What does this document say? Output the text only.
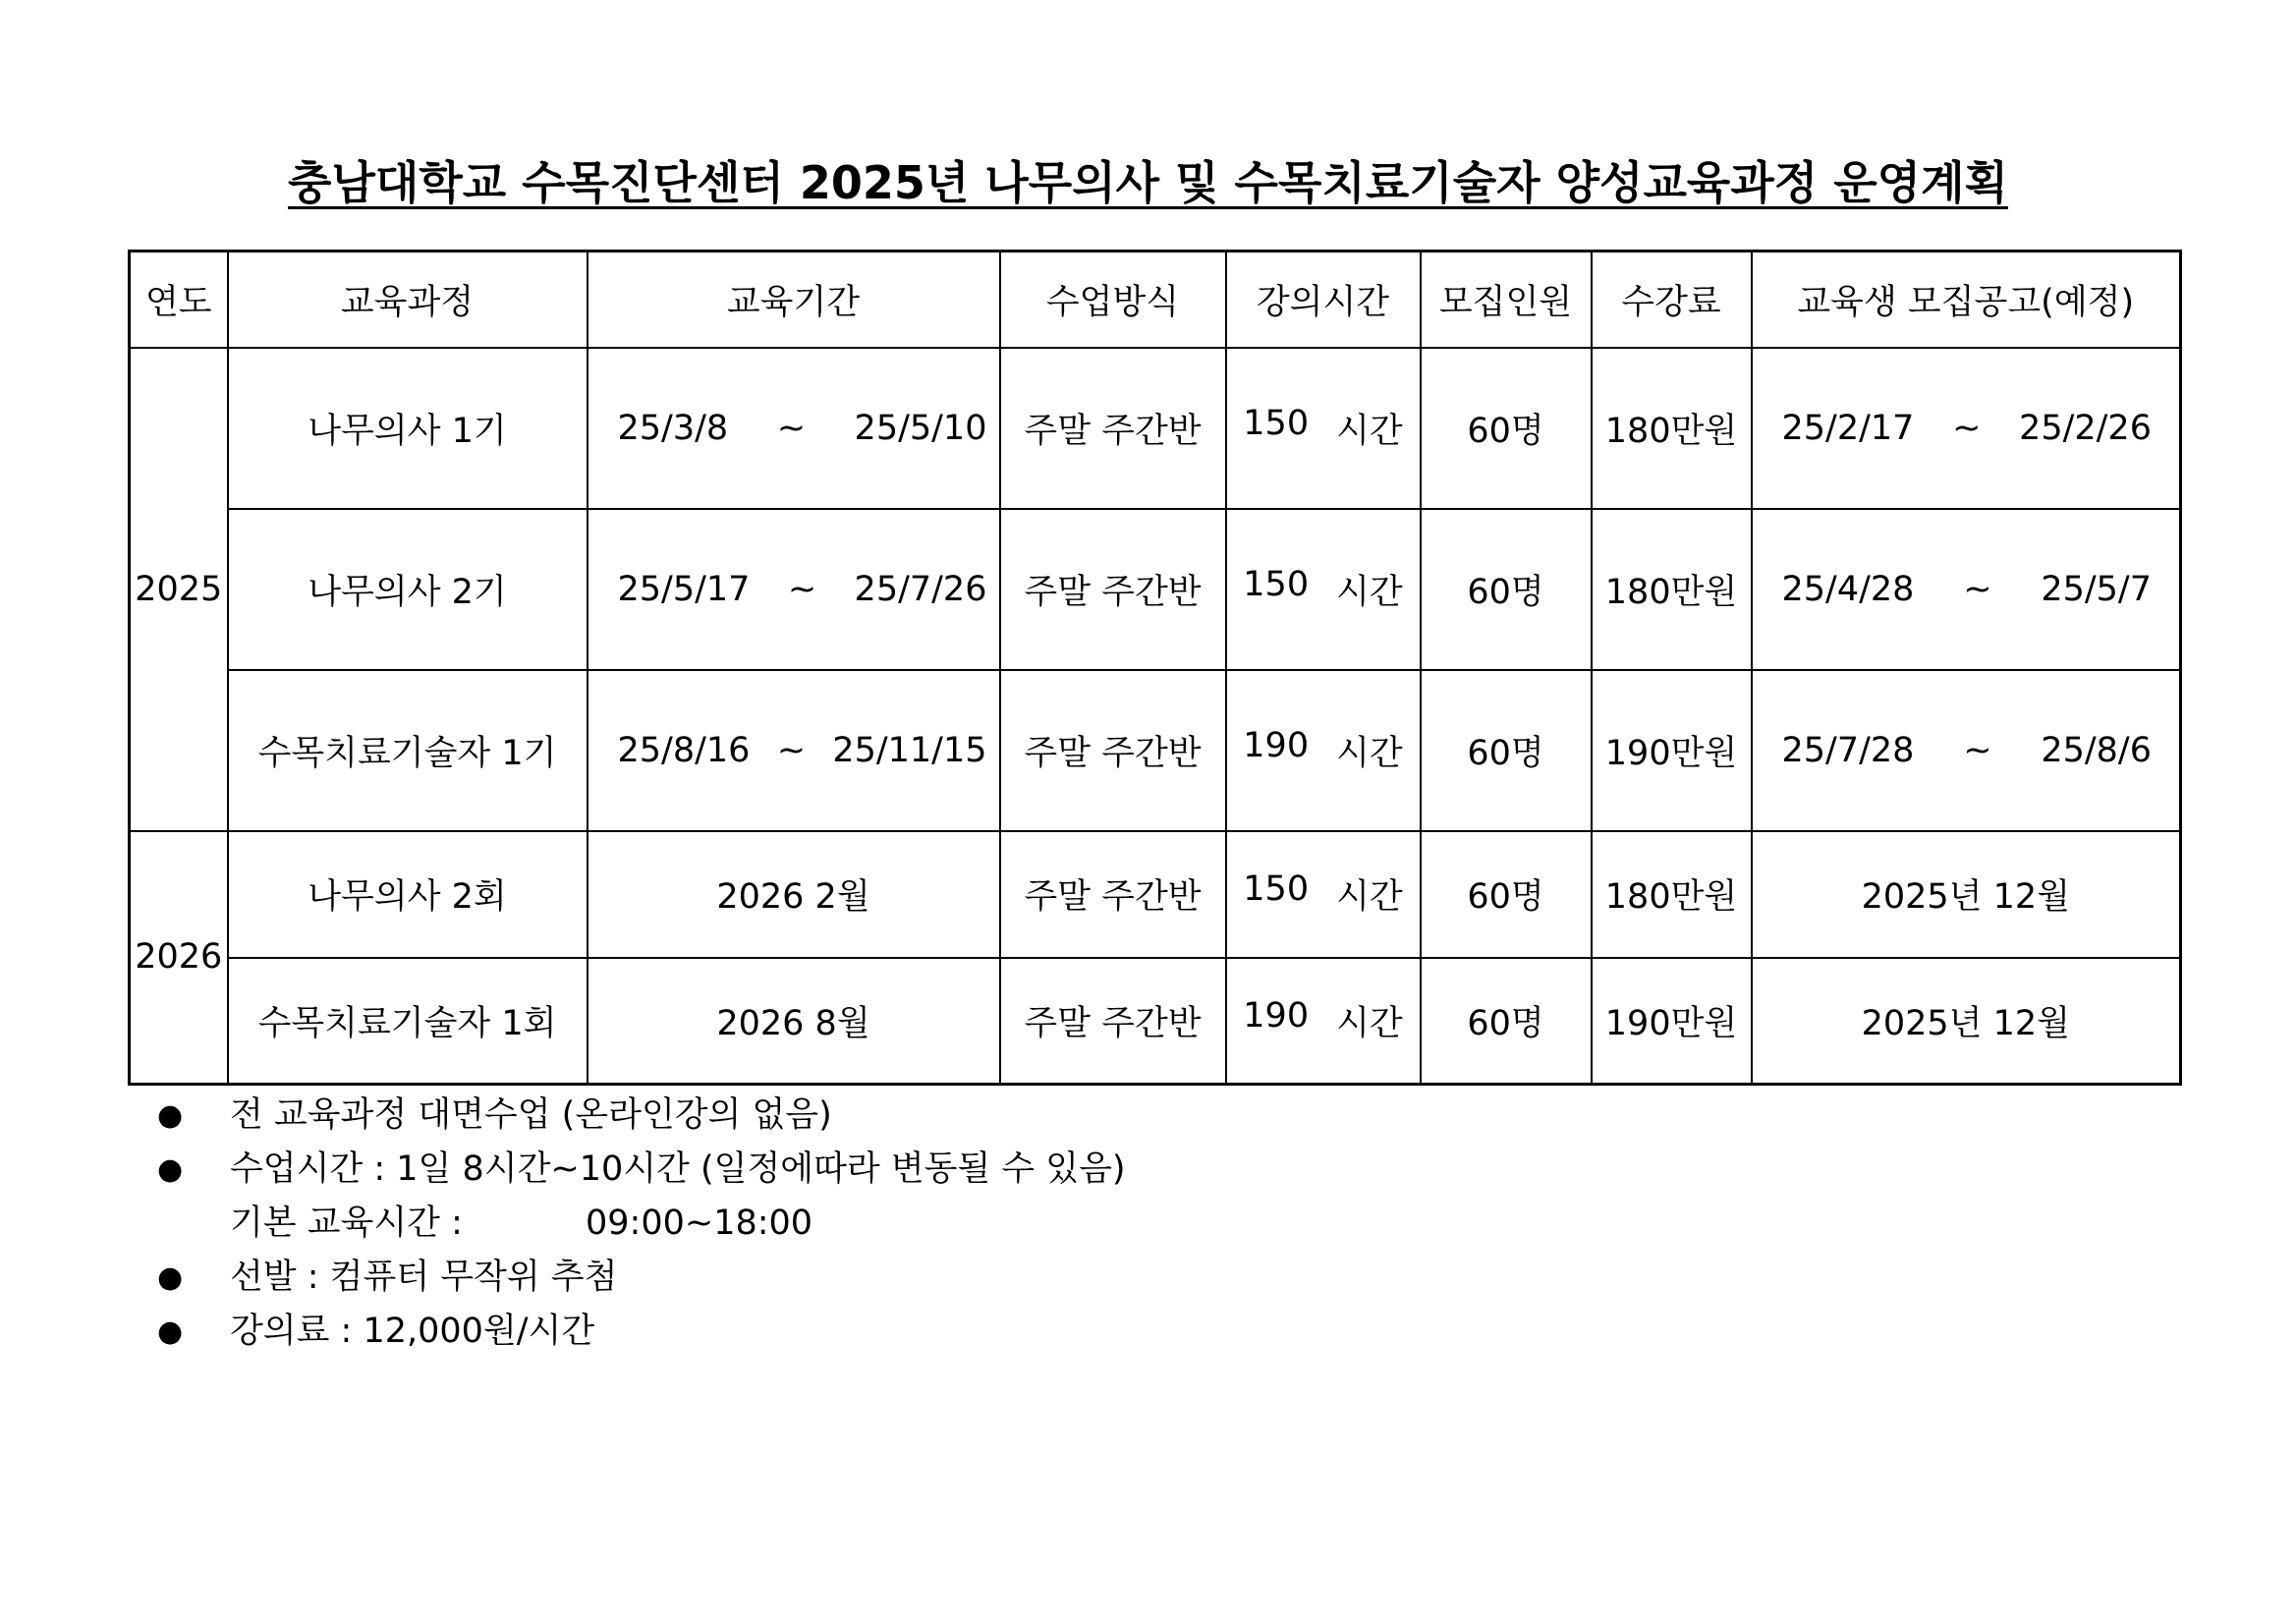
충남대학교 수목진단센터 2025년 나무의사 및 수목치료기술자 양성교육과정 운영계획
연도	교육과정	교육기간	수업방식	강의시간	모집인원	수강료	교육생 모집공고(예정)
2025	나무의사 1기	25/3/8 ~ 25/5/10	주말 주간반	150 시간	60명	180만원	25/2/17 ~ 25/2/26

	나무의사 2기	25/5/17 ~ 25/7/26	주말 주간반	150 시간	60명	180만원	25/4/28 ~ 25/5/7

	수목치료기술자 1기	25/8/16 ~ 25/11/15	주말 주간반	190 시간	60명	190만원	25/7/28 ~ 25/8/6

2026	나무의사 2회	2026 2월	주말 주간반	150 시간	60명	180만원	2025년 12월
	수목치료기술자 1회	2026 8월	주말 주간반	190 시간	60명	190만원	2025년 12월
●	전 교육과정 대면수업 (온라인강의 없음)
●	수업시간 : 1일 8시간~10시간 (일정에따라 변동될 수 있음)
기본 교육시간 :	09:00~18:00
●	선발 : 컴퓨터 무작위 추첨
●	강의료 : 12,000원/시간
